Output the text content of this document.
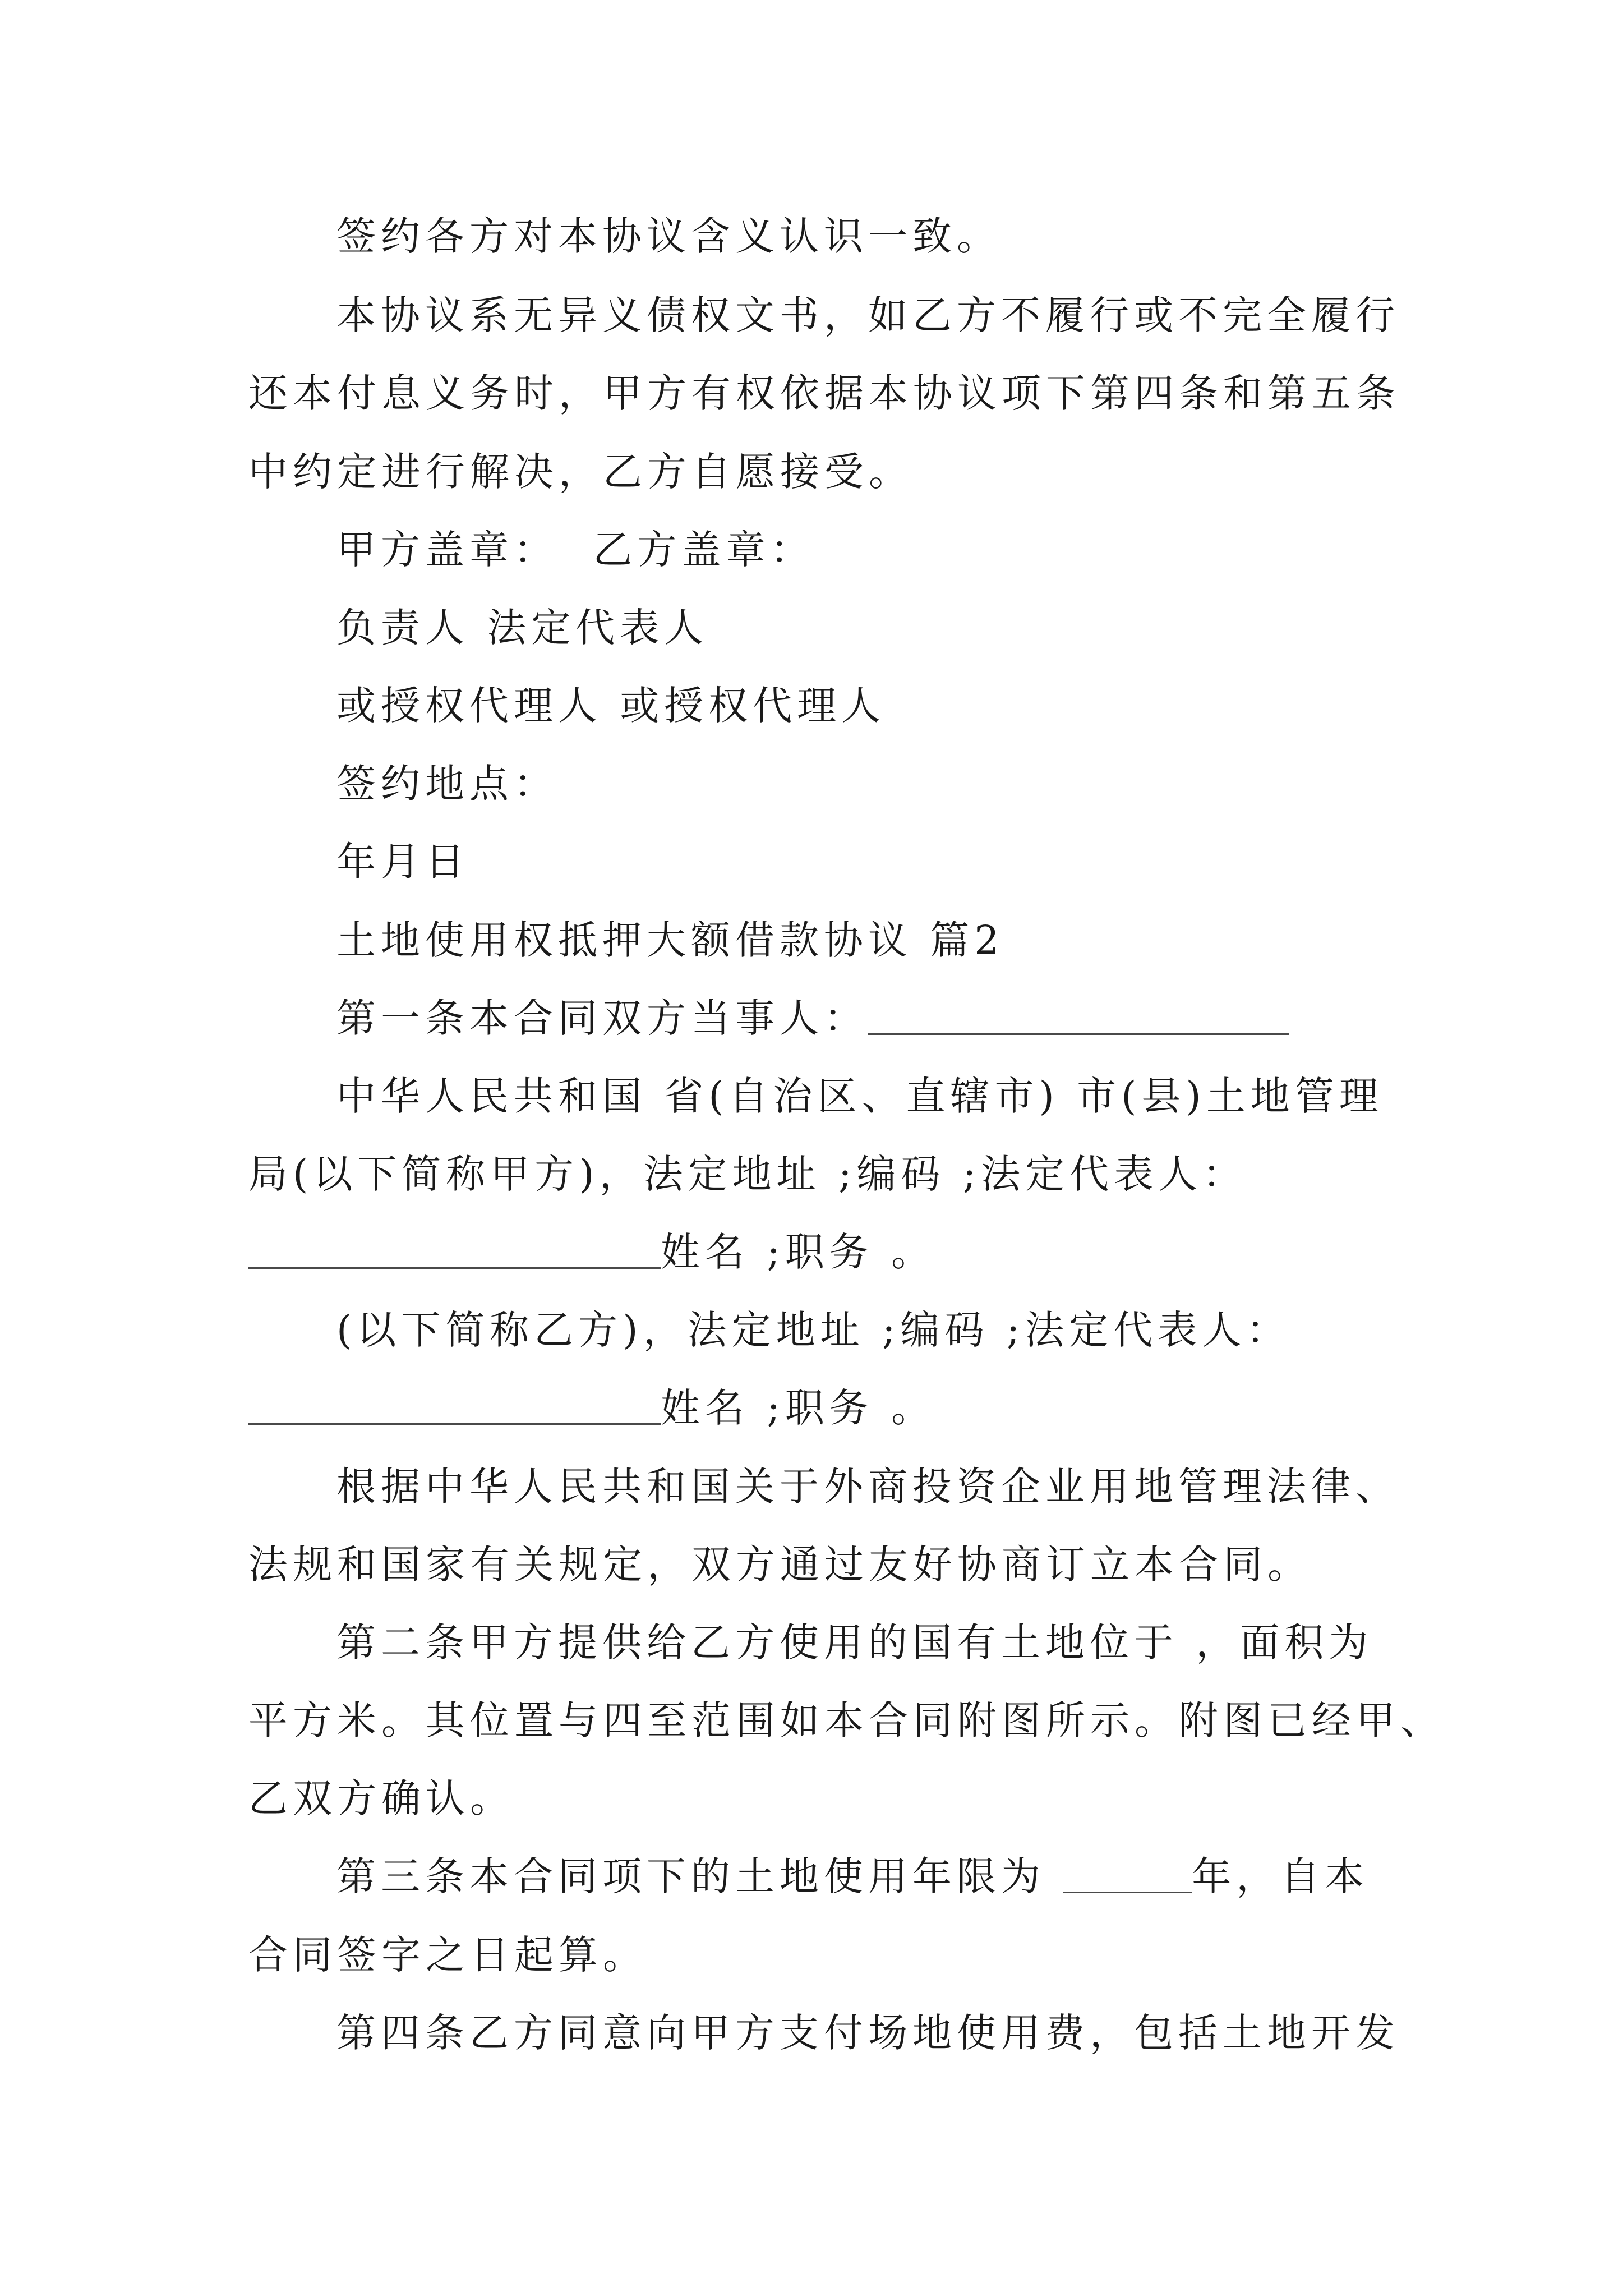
签约各方对本协议含义认识一致。
本协议系无异义债权文书，如乙方不履行或不完全履行
还本付息义务时，甲方有权依据本协议项下第四条和第五条
中约定进行解决，乙方自愿接受。
甲方盖章：  乙方盖章：
负责人 法定代表人
或授权代理人 或授权代理人
签约地点：
年月日
土地使用权抵押大额借款协议 篇2
第一条本合同双方当事人：
中华人民共和国 省(自治区、直辖市) 市(县)土地管理
局(以下简称甲方)，法定地址 ;编码 ;法定代表人：
姓名 ;职务 。
(以下简称乙方)，法定地址 ;编码 ;法定代表人：
姓名 ;职务 。
根据中华人民共和国关于外商投资企业用地管理法律、
法规和国家有关规定，双方通过友好协商订立本合同。
第二条甲方提供给乙方使用的国有土地位于 ，面积为
平方米。其位置与四至范围如本合同附图所示。附图已经甲、
乙双方确认。
第三条本合同项下的土地使用年限为	年，自本
合同签字之日起算。
第四条乙方同意向甲方支付场地使用费，包括土地开发
